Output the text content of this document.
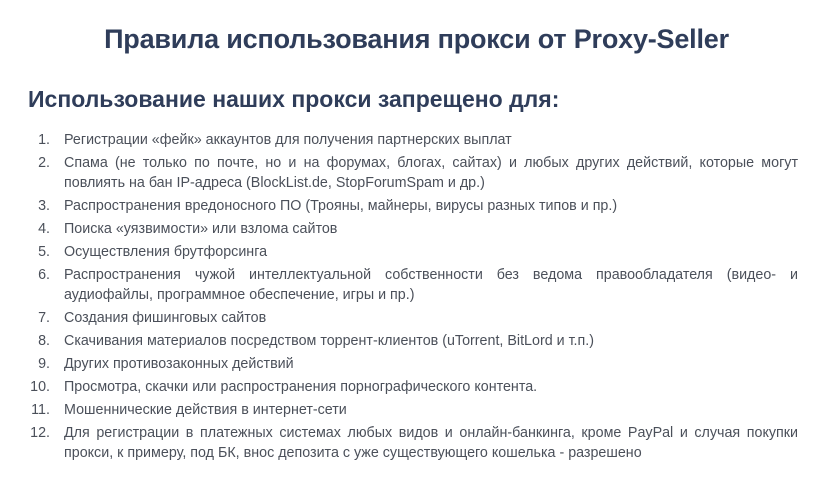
Правила использования прокси от Proxy-Seller
Использование наших прокси запрещено для:
1. Регистрации «фейк» аккаунтов для получения партнерских выплат
2. Спама (не только по почте, но и на форумах, блогах, сайтах) и любых других действий, которые могут повлиять на бан IP-адреса (BlockList.de, StopForumSpam и др.)
3. Распространения вредоносного ПО (Трояны, майнеры, вирусы разных типов и пр.)
4. Поиска «уязвимости» или взлома сайтов
5. Осуществления брутфорсинга
6. Распространения чужой интеллектуальной собственности без ведома правообладателя (видео- и аудиофайлы, программное обеспечение, игры и пр.)
7. Создания фишинговых сайтов
8. Скачивания материалов посредством торрент-клиентов (uTorrent, BitLord и т.п.)
9. Других противозаконных действий
10. Просмотра, скачки или распространения порнографического контента.
11. Мошеннические действия в интернет-сети
12. Для регистрации в платежных системах любых видов и онлайн-банкинга, кроме PayPal и случая покупки прокси, к примеру, под БК, внос депозита с уже существующего кошелька - разрешено
